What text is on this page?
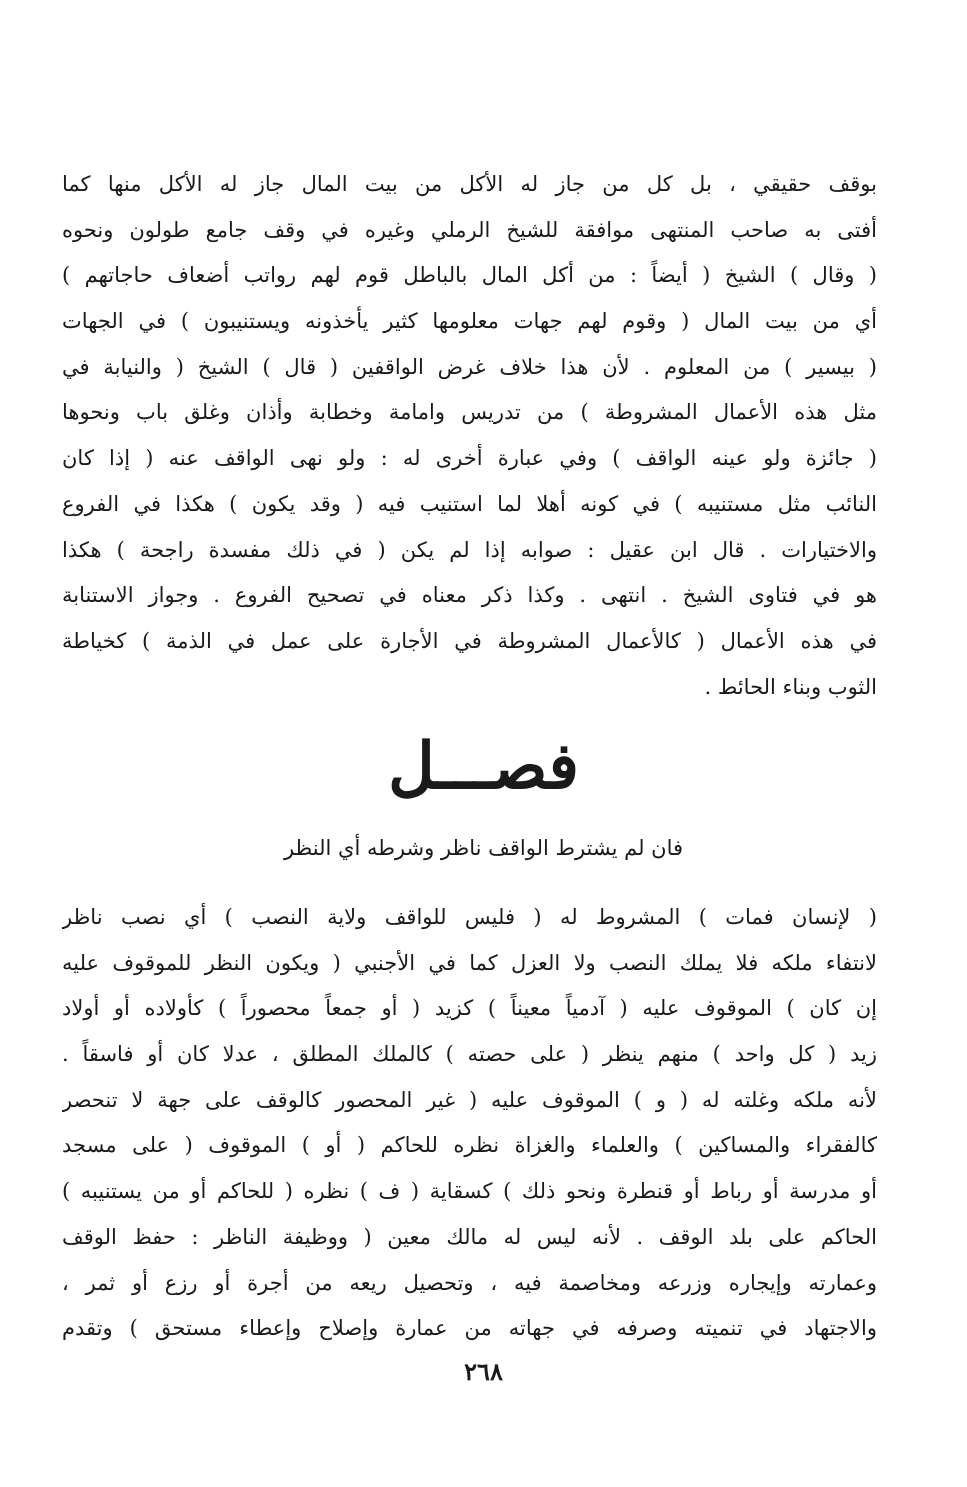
بوقف حقيقي ، بل كل من جاز له الأكل من بيت المال جاز له الأكل منها كما
أفتى به صاحب المنتهى موافقة للشيخ الرملي وغيره في وقف جامع طولون ونحوه
( وقال ) الشيخ ( أيضاً : من أكل المال بالباطل قوم لهم رواتب أضعاف حاجاتهم )
أي من بيت المال ( وقوم لهم جهات معلومها كثير يأخذونه ويستنيبون ) في الجهات
( بيسير ) من المعلوم . لأن هذا خلاف غرض الواقفين ( قال ) الشيخ ( والنيابة في
مثل هذه الأعمال المشروطة ) من تدريس وامامة وخطابة وأذان وغلق باب ونحوها
( جائزة ولو عينه الواقف ) وفي عبارة أخرى له : ولو نهى الواقف عنه ( إذا كان
النائب مثل مستنيبه ) في كونه أهلا لما استنيب فيه ( وقد يكون ) هكذا في الفروع
والاختيارات . قال ابن عقيل : صوابه إذا لم يكن ( في ذلك مفسدة راجحة ) هكذا
هو في فتاوى الشيخ . انتهى . وكذا ذكر معناه في تصحيح الفروع . وجواز الاستنابة
في هذه الأعمال ( كالأعمال المشروطة في الأجارة على عمل في الذمة ) كخياطة
الثوب وبناء الحائط .
فصـــل
فان لم يشترط الواقف ناظر وشرطه أي النظر
( لإنسان فمات ) المشروط له ( فليس للواقف ولاية النصب ) أي نصب ناظر
لانتفاء ملكه فلا يملك النصب ولا العزل كما في الأجنبي ( ويكون النظر للموقوف عليه
إن كان ) الموقوف عليه ( آدمياً معيناً ) كزيد ( أو جمعاً محصوراً ) كأولاده أو أولاد
زيد ( كل واحد ) منهم ينظر ( على حصته ) كالملك المطلق ، عدلا كان أو فاسقاً .
لأنه ملكه وغلته له ( و ) الموقوف عليه ( غير المحصور كالوقف على جهة لا تنحصر
كالفقراء والمساكين ) والعلماء والغزاة نظره للحاكم ( أو ) الموقوف ( على مسجد
أو مدرسة أو رباط أو قنطرة ونحو ذلك ) كسقاية ( ف ) نظره ( للحاكم أو من يستنيبه )
الحاكم على بلد الوقف . لأنه ليس له مالك معين ( ووظيفة الناظر : حفظ الوقف
وعمارته وإيجاره وزرعه ومخاصمة فيه ، وتحصيل ريعه من أجرة أو رزع أو ثمر ،
والاجتهاد في تنميته وصرفه في جهاته من عمارة وإصلاح وإعطاء مستحق ) وتقدم
٢٦٨
